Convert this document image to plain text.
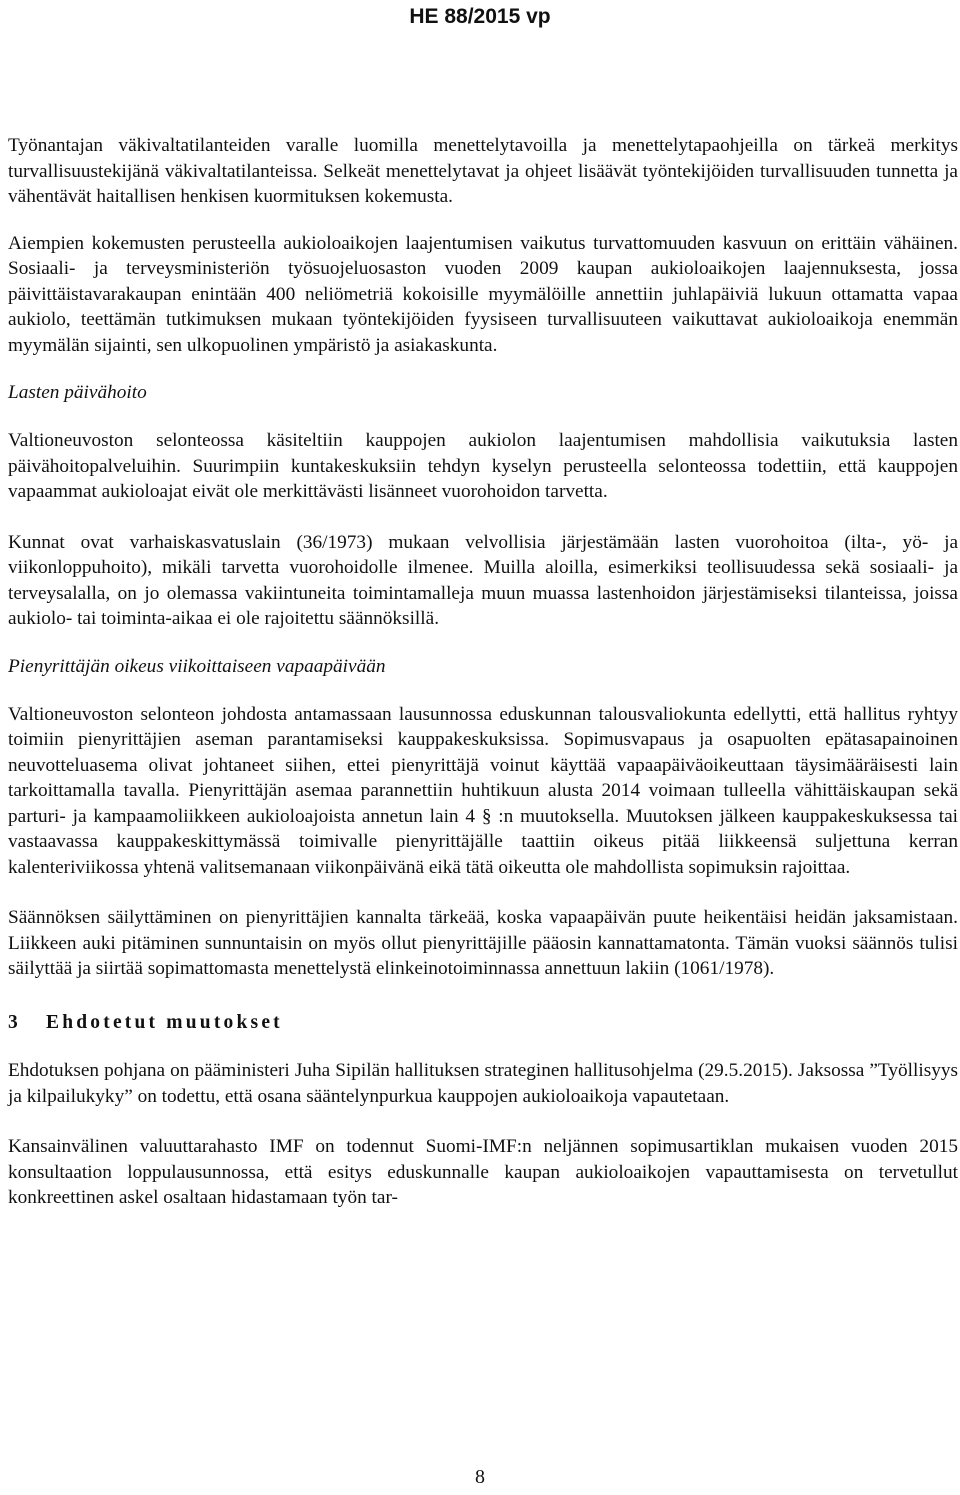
HE 88/2015 vp

Työnantajan väkivaltatilanteiden varalle luomilla menettelytavoilla ja menettelytapaohjeilla on tärkeä merkitys turvallisuustekijänä väkivaltatilanteissa. Selkeät menettelytavat ja ohjeet lisäävät työntekijöiden turvallisuuden tunnetta ja vähentävät haitallisen henkisen kuormituksen kokemusta.

Aiempien kokemusten perusteella aukioloaikojen laajentumisen vaikutus turvattomuuden kasvuun on erittäin vähäinen. Sosiaali- ja terveysministeriön työsuojeluosaston vuoden 2009 kaupan aukioloaikojen laajennuksesta, jossa päivittäistavarakaupan enintään 400 neliömetriä kokoisille myymälöille annettiin juhlapäiviä lukuun ottamatta vapaa aukiolo, teettämän tutkimuksen mukaan työntekijöiden fyysiseen turvallisuuteen vaikuttavat aukioloaikoja enemmän myymälän sijainti, sen ulkopuolinen ympäristö ja asiakaskunta.

Lasten päivähoito

Valtioneuvoston selonteossa käsiteltiin kauppojen aukiolon laajentumisen mahdollisia vaikutuksia lasten päivähoitopalveluihin. Suurimpiin kuntakeskuksiin tehdyn kyselyn perusteella selonteossa todettiin, että kauppojen vapaammat aukioloajat eivät ole merkittävästi lisänneet vuorohoidon tarvetta.

Kunnat ovat varhaiskasvatuslain (36/1973) mukaan velvollisia järjestämään lasten vuorohoitoa (ilta-, yö- ja viikonloppuhoito), mikäli tarvetta vuorohoidolle ilmenee. Muilla aloilla, esimerkiksi teollisuudessa sekä sosiaali- ja terveysalalla, on jo olemassa vakiintuneita toimintamalleja muun muassa lastenhoidon järjestämiseksi tilanteissa, joissa aukiolo- tai toiminta-aikaa ei ole rajoitettu säännöksillä.

Pienyrittäjän oikeus viikoittaiseen vapaapäivään

Valtioneuvoston selonteon johdosta antamassaan lausunnossa eduskunnan talousvaliokunta edellytti, että hallitus ryhtyy toimiin pienyrittäjien aseman parantamiseksi kauppakeskuksissa. Sopimusvapaus ja osapuolten epätasapainoinen neuvotteluasema olivat johtaneet siihen, ettei pienyrittäjä voinut käyttää vapaapäiväoikeuttaan täysimääräisesti lain tarkoittamalla tavalla. Pienyrittäjän asemaa parannettiin huhtikuun alusta 2014 voimaan tulleella vähittäiskaupan sekä parturi- ja kampaamoliikkeen aukioloajoista annetun lain 4 § :n muutoksella. Muutoksen jälkeen kauppakeskuksessa tai vastaavassa kauppakeskittymässä toimivalle pienyrittäjälle taattiin oikeus pitää liikkeensä suljettuna kerran kalenteriviikossa yhtenä valitsemanaan viikonpäivänä eikä tätä oikeutta ole mahdollista sopimuksin rajoittaa.

Säännöksen säilyttäminen on pienyrittäjien kannalta tärkeää, koska vapaapäivän puute heikentäisi heidän jaksamistaan. Liikkeen auki pitäminen sunnuntaisin on myös ollut pienyrittäjille pääosin kannattamatonta. Tämän vuoksi säännös tulisi säilyttää ja siirtää sopimattomasta menettelystä elinkeinotoiminnassa annettuun lakiin (1061/1978).

3 Ehdotetut muutokset

Ehdotuksen pohjana on pääministeri Juha Sipilän hallituksen strateginen hallitusohjelma (29.5.2015). Jaksossa ”Työllisyys ja kilpailukyky” on todettu, että osana sääntelynpurkua kauppojen aukioloaikoja vapautetaan.

Kansainvälinen valuuttarahasto IMF on todennut Suomi-IMF:n neljännen sopimusartiklan mukaisen vuoden 2015 konsultaation loppulausunnossa, että esitys eduskunnalle kaupan aukioloaikojen vapauttamisesta on tervetullut konkreettinen askel osaltaan hidastamaan työn tar-

8
